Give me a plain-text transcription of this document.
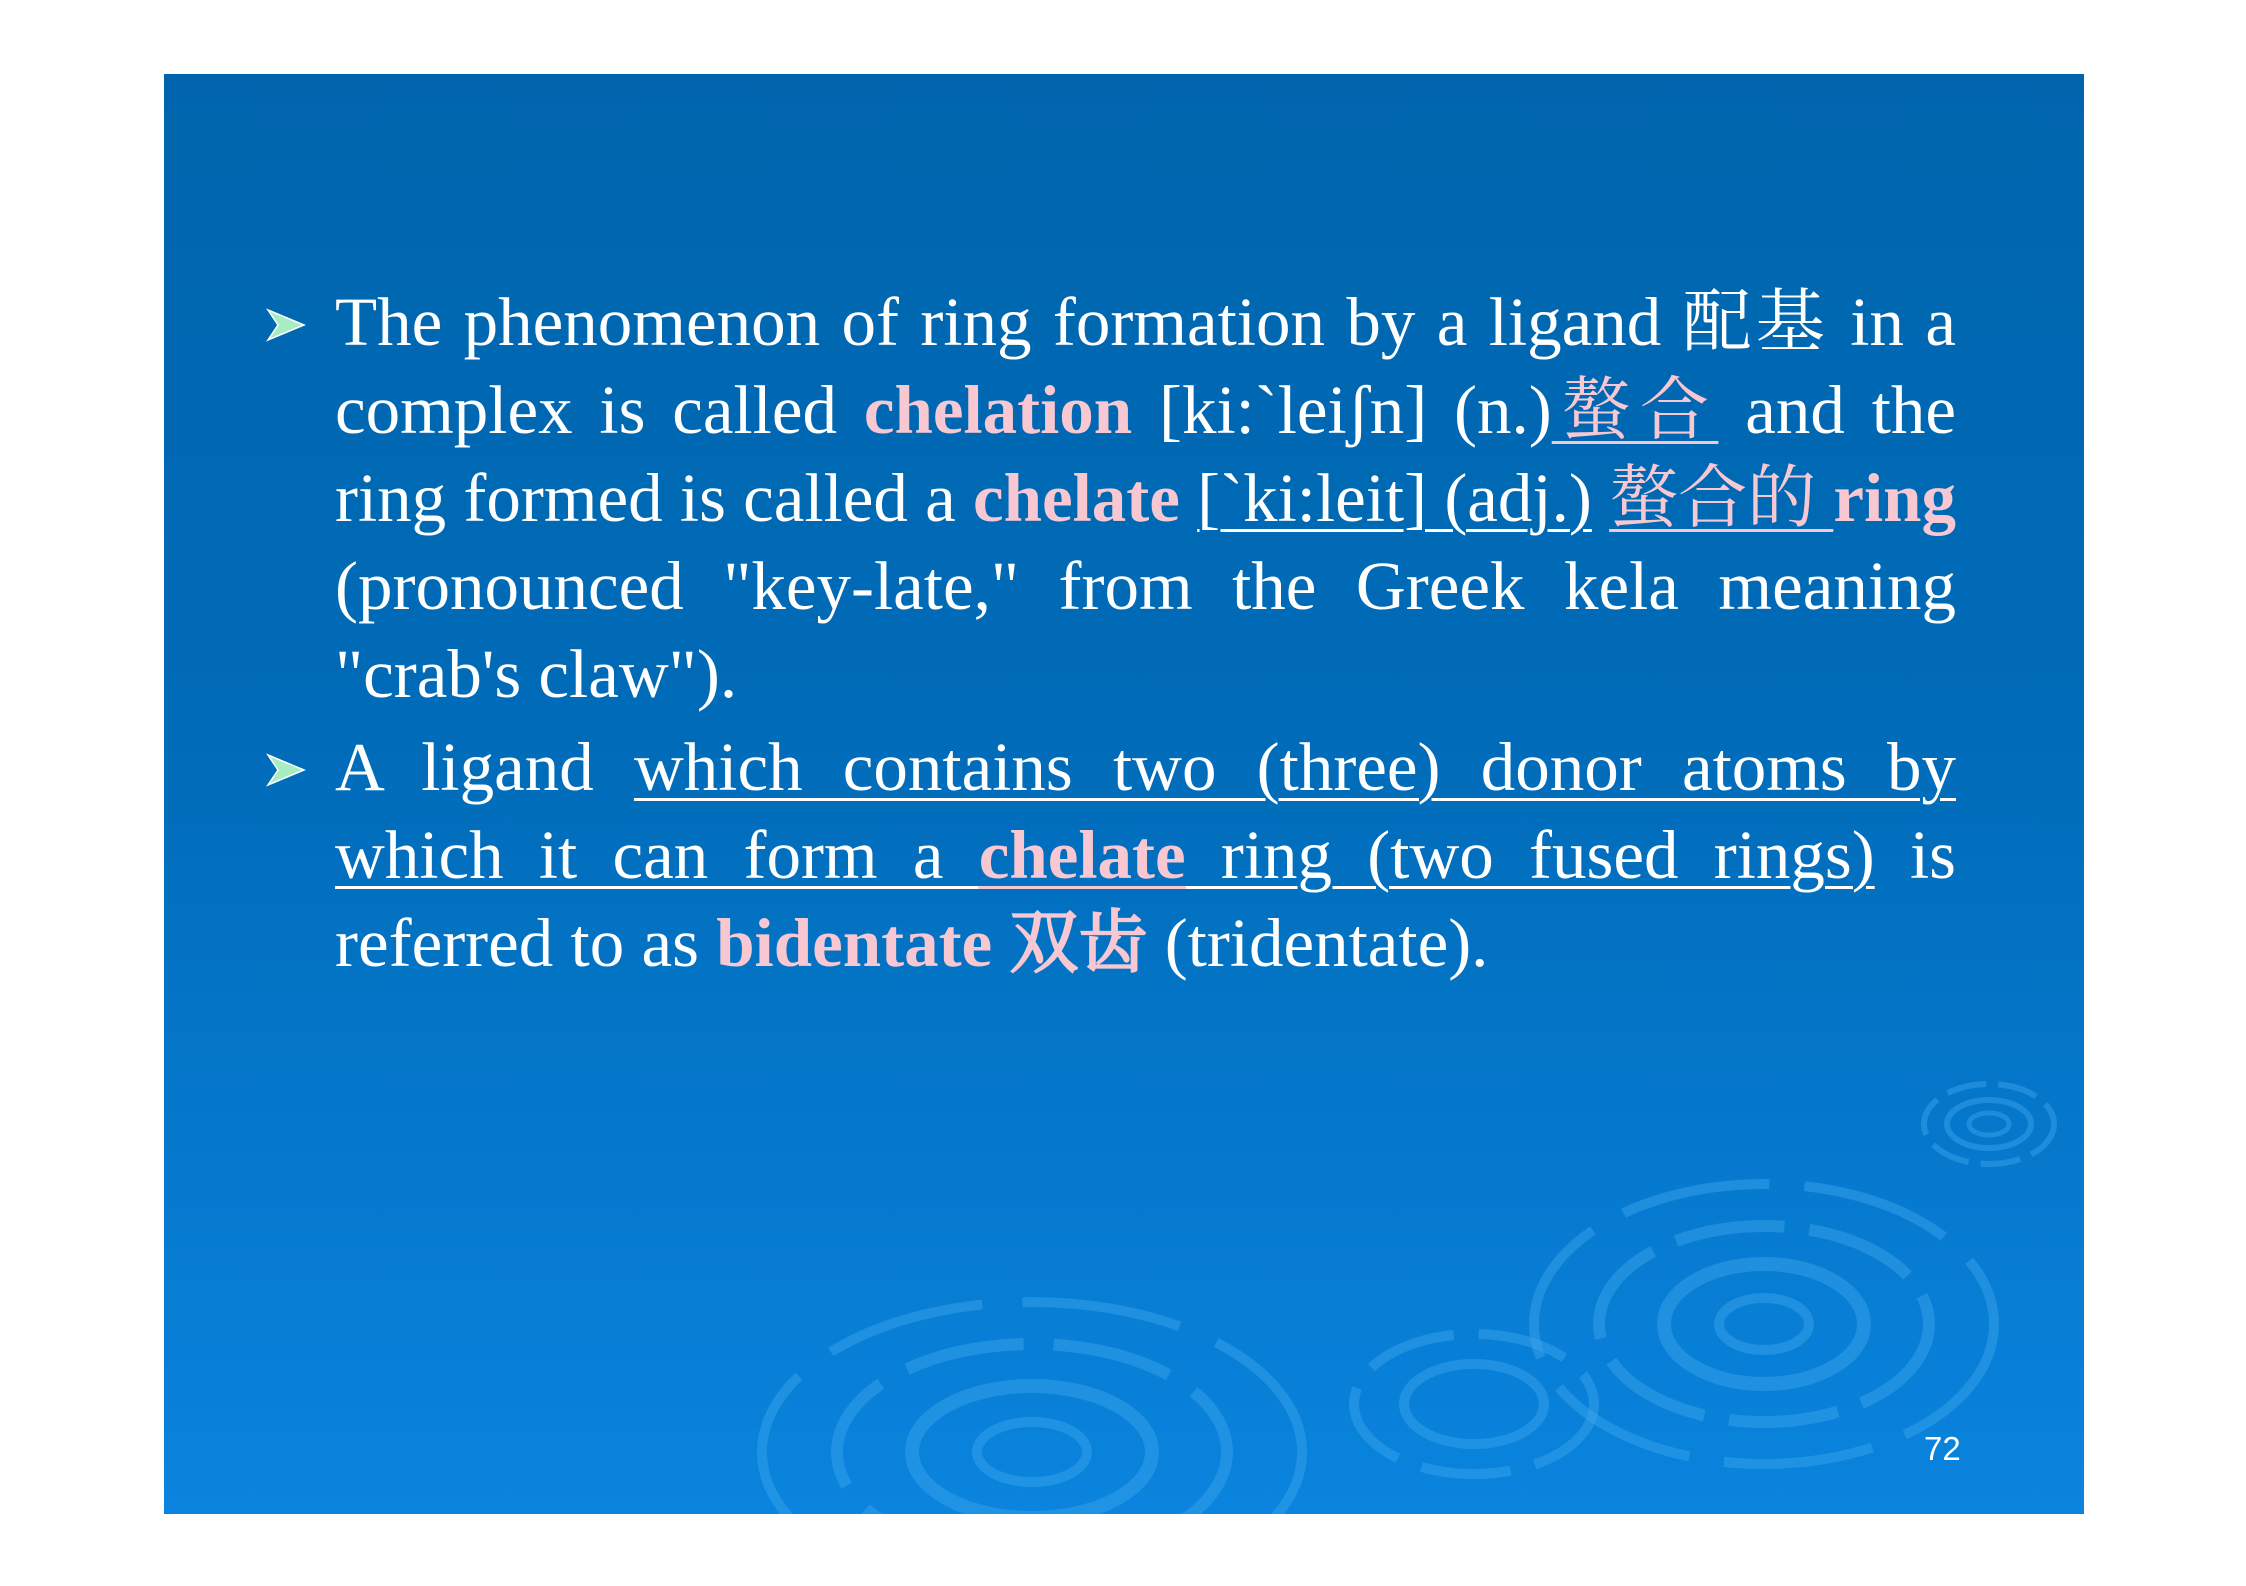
The phenomenon of ring formation by a ligand 配基 in a complex is called chelation [ki:`leiʃn] (n.)螯合 and the ring formed is called a chelate [`ki:leit] (adj.) 螯合的 ring (pronounced "key-late," from the Greek kela meaning "crab's claw").
A ligand which contains two (three) donor atoms by which it can form a chelate ring (two fused rings) is referred to as bidentate 双齿 (tridentate).
72
